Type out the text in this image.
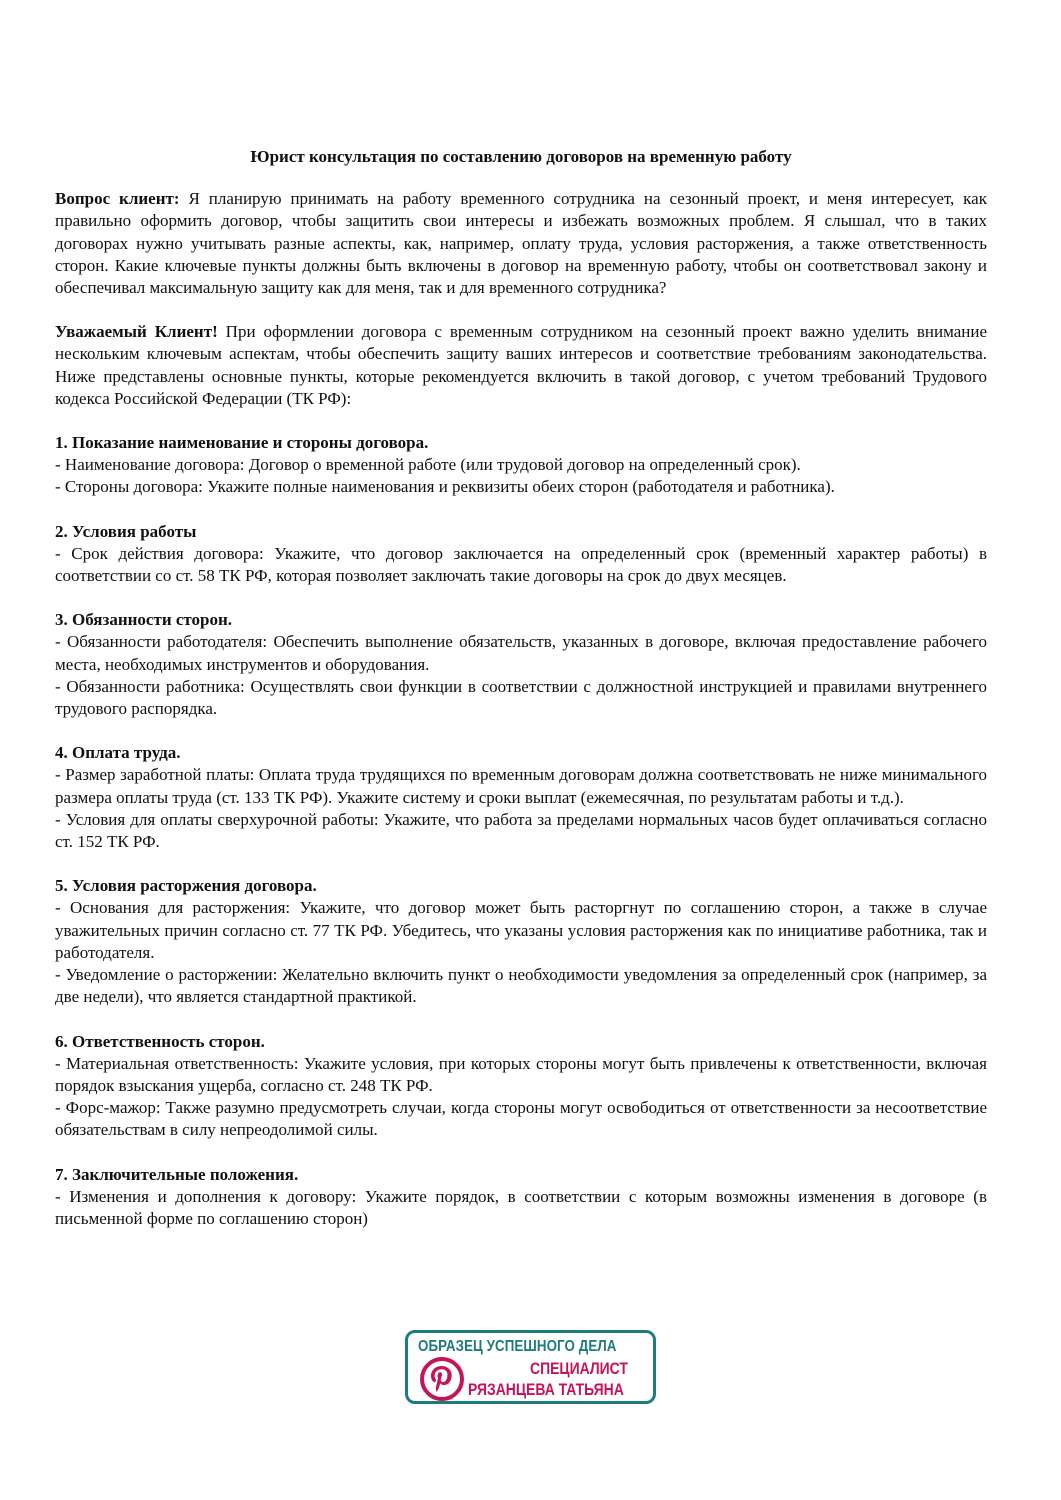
Юрист консультация по составлению договоров на временную работу

Вопрос клиент: Я планирую принимать на работу временного сотрудника на сезонный проект, и меня интересует, как правильно оформить договор, чтобы защитить свои интересы и избежать возможных проблем. Я слышал, что в таких договорах нужно учитывать разные аспекты, как, например, оплату труда, условия расторжения, а также ответственность сторон. Какие ключевые пункты должны быть включены в договор на временную работу, чтобы он соответствовал закону и обеспечивал максимальную защиту как для меня, так и для временного сотрудника?

Уважаемый Клиент! При оформлении договора с временным сотрудником на сезонный проект важно уделить внимание нескольким ключевым аспектам, чтобы обеспечить защиту ваших интересов и соответствие требованиям законодательства. Ниже представлены основные пункты, которые рекомендуется включить в такой договор, с учетом требований Трудового кодекса Российской Федерации (ТК РФ):

1. Показание наименование и стороны договора.

- Наименование договора: Договор о временной работе (или трудовой договор на определенный срок).

- Стороны договора: Укажите полные наименования и реквизиты обеих сторон (работодателя и работника).

2. Условия работы

- Срок действия договора: Укажите, что договор заключается на определенный срок (временный характер работы) в соответствии со ст. 58 ТК РФ, которая позволяет заключать такие договоры на срок до двух месяцев.

3. Обязанности сторон.

- Обязанности работодателя: Обеспечить выполнение обязательств, указанных в договоре, включая предоставление рабочего места, необходимых инструментов и оборудования.

- Обязанности работника: Осуществлять свои функции в соответствии с должностной инструкцией и правилами внутреннего трудового распорядка.

4. Оплата труда.

- Размер заработной платы: Оплата труда трудящихся по временным договорам должна соответствовать не ниже минимального размера оплаты труда (ст. 133 ТК РФ). Укажите систему и сроки выплат (ежемесячная, по результатам работы и т.д.).

- Условия для оплаты сверхурочной работы: Укажите, что работа за пределами нормальных часов будет оплачиваться согласно ст. 152 ТК РФ.

5. Условия расторжения договора.

- Основания для расторжения: Укажите, что договор может быть расторгнут по соглашению сторон, а также в случае уважительных причин согласно ст. 77 ТК РФ. Убедитесь, что указаны условия расторжения как по инициативе работника, так и работодателя.

- Уведомление о расторжении: Желательно включить пункт о необходимости уведомления за определенный срок (например, за две недели), что является стандартной практикой.

6. Ответственность сторон.

- Материальная ответственность: Укажите условия, при которых стороны могут быть привлечены к ответственности, включая порядок взыскания ущерба, согласно ст. 248 ТК РФ.

- Форс-мажор: Также разумно предусмотреть случаи, когда стороны могут освободиться от ответственности за несоответствие обязательствам в силу непреодолимой силы.

7. Заключительные положения.

- Изменения и дополнения к договору: Укажите порядок, в соответствии с которым возможны изменения в договоре (в письменной форме по соглашению сторон)

ОБРАЗЕЦ УСПЕШНОГО ДЕЛА
СПЕЦИАЛИСТ
РЯЗАНЦЕВА ТАТЬЯНА
